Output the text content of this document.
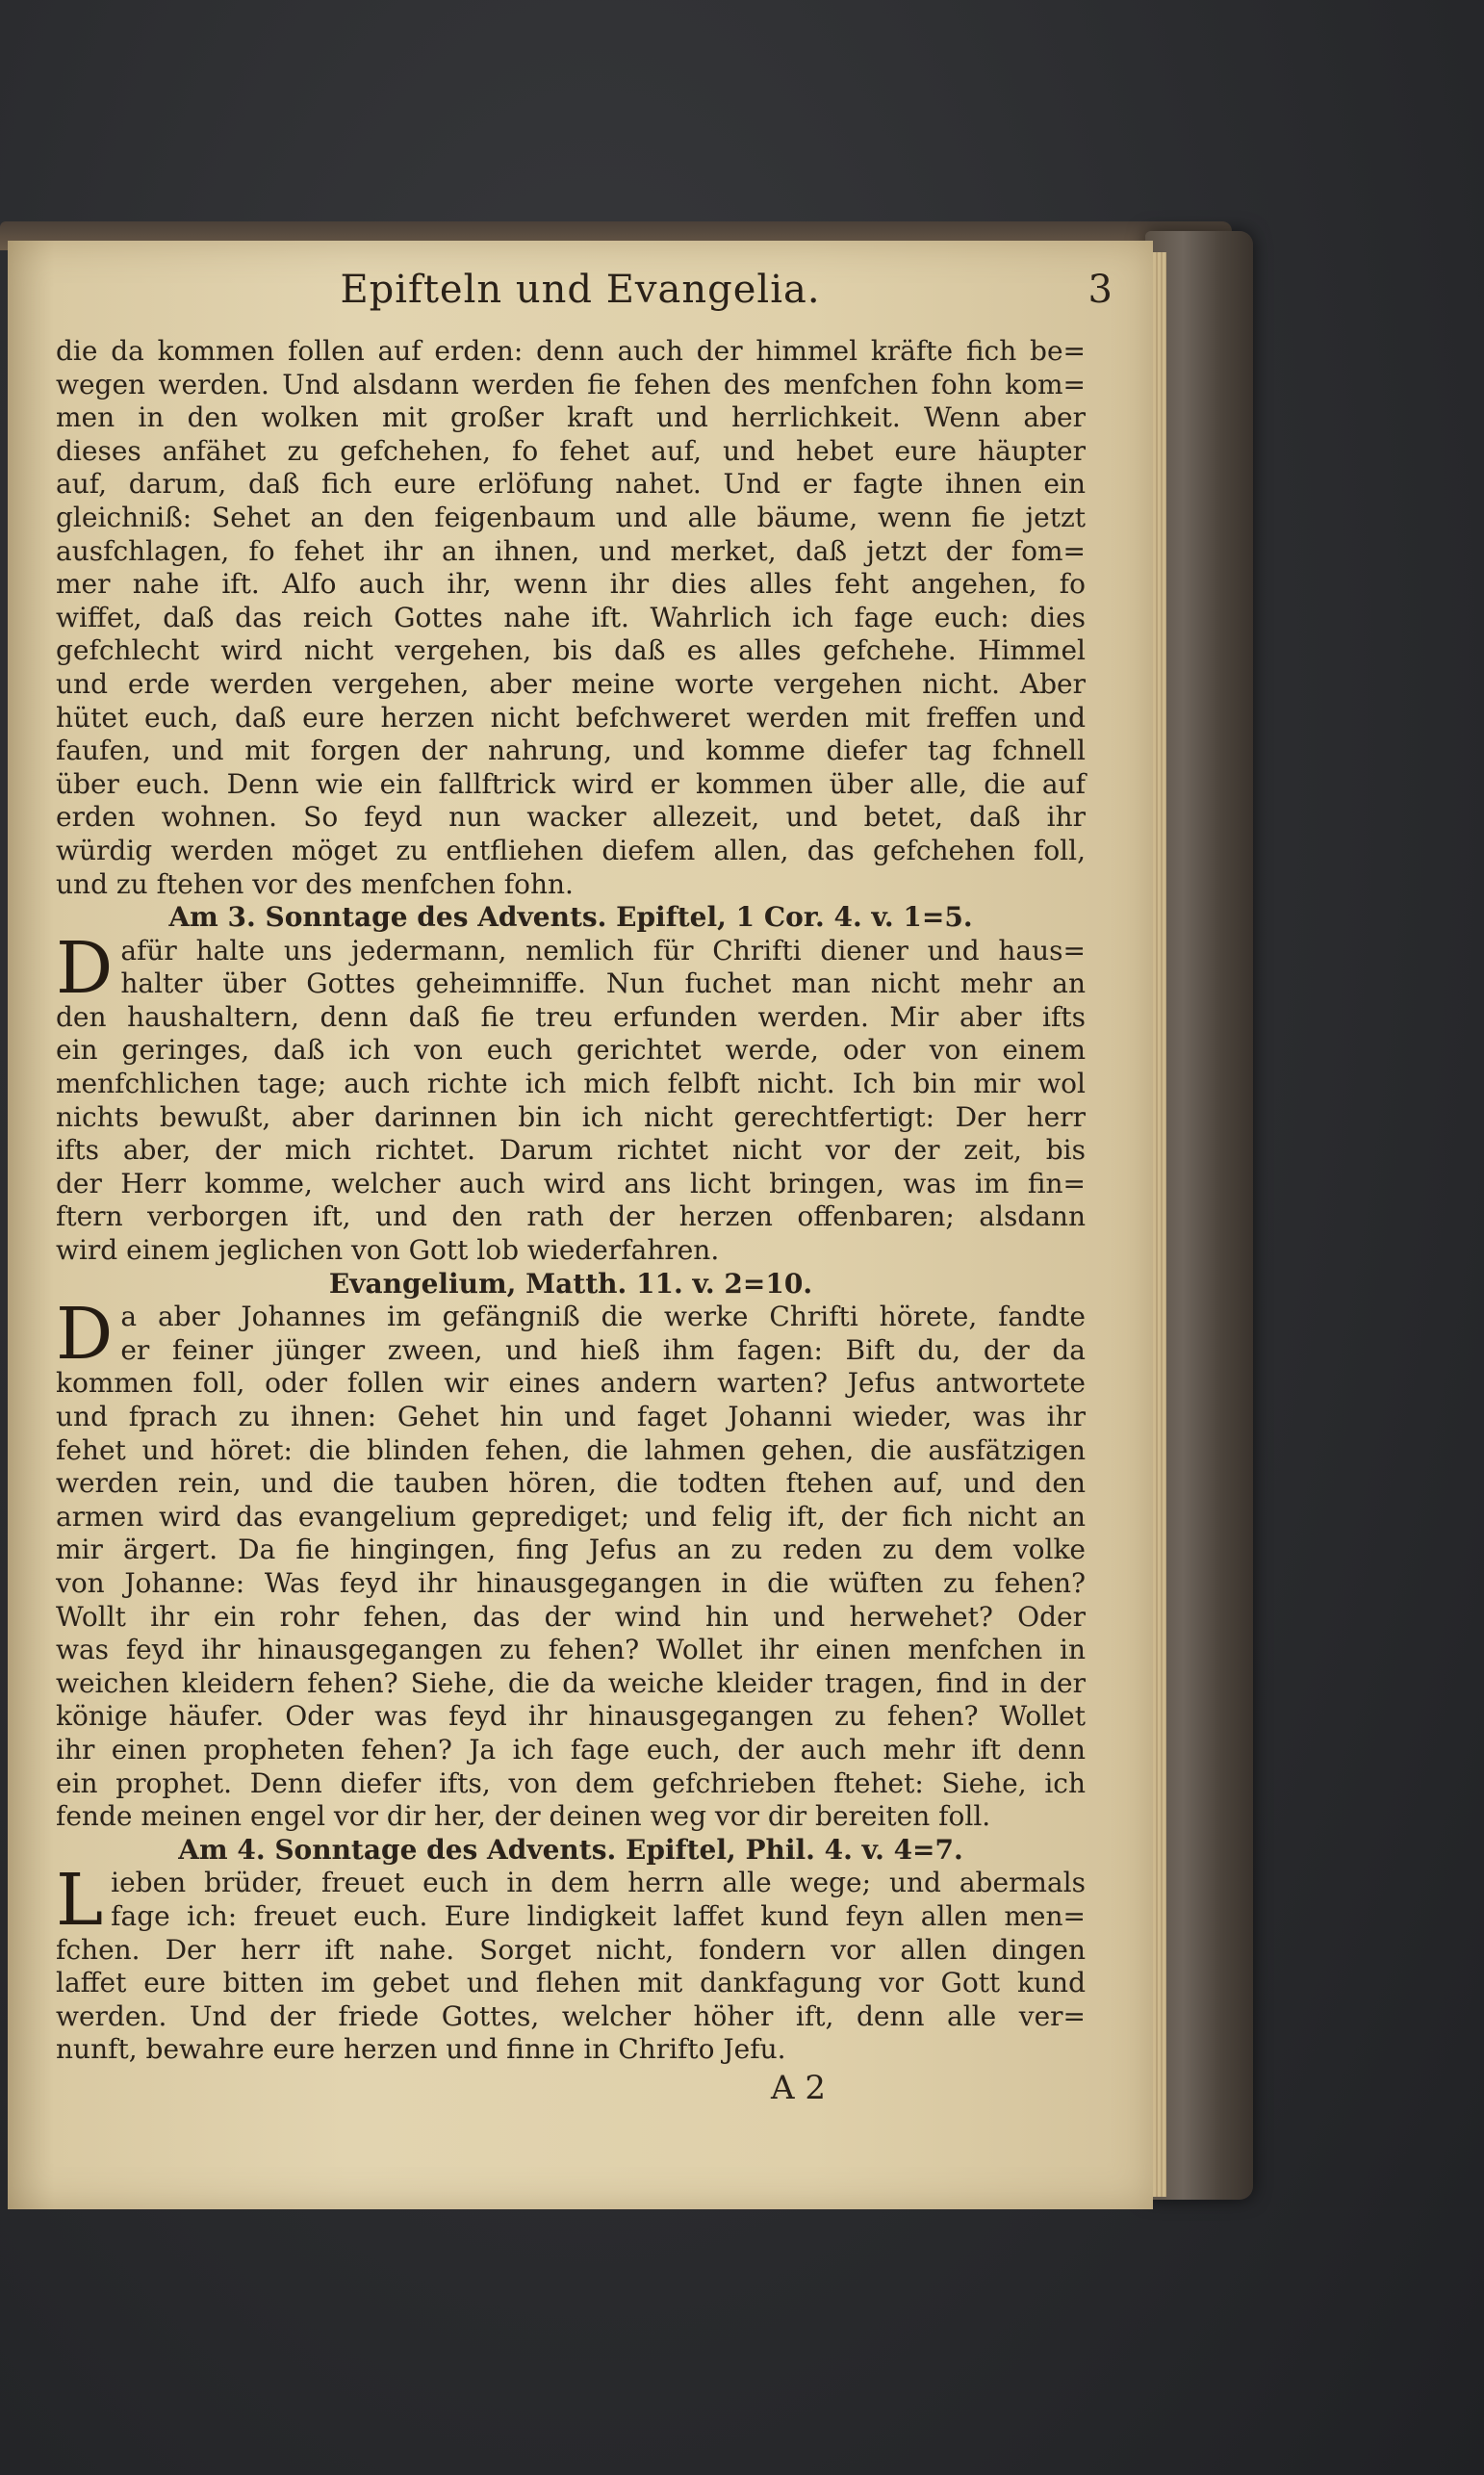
Epifteln und Evangelia.	3
die da kommen follen auf erden: denn auch der himmel kräfte fich be=
wegen werden. Und alsdann werden fie fehen des menfchen fohn kom=
men in den wolken mit großer kraft und herrlichkeit. Wenn aber
dieses anfähet zu gefchehen, fo fehet auf, und hebet eure häupter
auf, darum, daß fich eure erlöfung nahet. Und er fagte ihnen ein
gleichniß: Sehet an den feigenbaum und alle bäume, wenn fie jetzt
ausfchlagen, fo fehet ihr an ihnen, und merket, daß jetzt der fom=
mer nahe ift. Alfo auch ihr, wenn ihr dies alles feht angehen, fo
wiffet, daß das reich Gottes nahe ift. Wahrlich ich fage euch: dies
gefchlecht wird nicht vergehen, bis daß es alles gefchehe. Himmel
und erde werden vergehen, aber meine worte vergehen nicht. Aber
hütet euch, daß eure herzen nicht befchweret werden mit freffen und
faufen, und mit forgen der nahrung, und komme diefer tag fchnell
über euch. Denn wie ein fallftrick wird er kommen über alle, die auf
erden wohnen. So feyd nun wacker allezeit, und betet, daß ihr
würdig werden möget zu entfliehen diefem allen, das gefchehen foll,
und zu ftehen vor des menfchen fohn.
Am 3. Sonntage des Advents. Epiftel, 1 Cor. 4. v. 1=5.
D afür halte uns jedermann, nemlich für Chrifti diener und haus=
halter über Gottes geheimniffe. Nun fuchet man nicht mehr an
den haushaltern, denn daß fie treu erfunden werden. Mir aber ifts
ein geringes, daß ich von euch gerichtet werde, oder von einem
menfchlichen tage; auch richte ich mich felbft nicht. Ich bin mir wol
nichts bewußt, aber darinnen bin ich nicht gerechtfertigt: Der herr
ifts aber, der mich richtet. Darum richtet nicht vor der zeit, bis
der Herr komme, welcher auch wird ans licht bringen, was im fin=
ftern verborgen ift, und den rath der herzen offenbaren; alsdann
wird einem jeglichen von Gott lob wiederfahren.
Evangelium, Matth. 11. v. 2=10.
D a aber Johannes im gefängniß die werke Chrifti hörete, fandte
er feiner jünger zween, und hieß ihm fagen: Bift du, der da
kommen foll, oder follen wir eines andern warten? Jefus antwortete
und fprach zu ihnen: Gehet hin und faget Johanni wieder, was ihr
fehet und höret: die blinden fehen, die lahmen gehen, die ausfätzigen
werden rein, und die tauben hören, die todten ftehen auf, und den
armen wird das evangelium geprediget; und felig ift, der fich nicht an
mir ärgert. Da fie hingingen, fing Jefus an zu reden zu dem volke
von Johanne: Was feyd ihr hinausgegangen in die wüften zu fehen?
Wollt ihr ein rohr fehen, das der wind hin und herwehet? Oder
was feyd ihr hinausgegangen zu fehen? Wollet ihr einen menfchen in
weichen kleidern fehen? Siehe, die da weiche kleider tragen, find in der
könige häufer. Oder was feyd ihr hinausgegangen zu fehen? Wollet
ihr einen propheten fehen? Ja ich fage euch, der auch mehr ift denn
ein prophet. Denn diefer ifts, von dem gefchrieben ftehet: Siehe, ich
fende meinen engel vor dir her, der deinen weg vor dir bereiten foll.
Am 4. Sonntage des Advents. Epiftel, Phil. 4. v. 4=7.
L ieben brüder, freuet euch in dem herrn alle wege; und abermals
fage ich: freuet euch. Eure lindigkeit laffet kund feyn allen men=
fchen. Der herr ift nahe. Sorget nicht, fondern vor allen dingen
laffet eure bitten im gebet und flehen mit dankfagung vor Gott kund
werden. Und der friede Gottes, welcher höher ift, denn alle ver=
nunft, bewahre eure herzen und finne in Chrifto Jefu.
A 2
